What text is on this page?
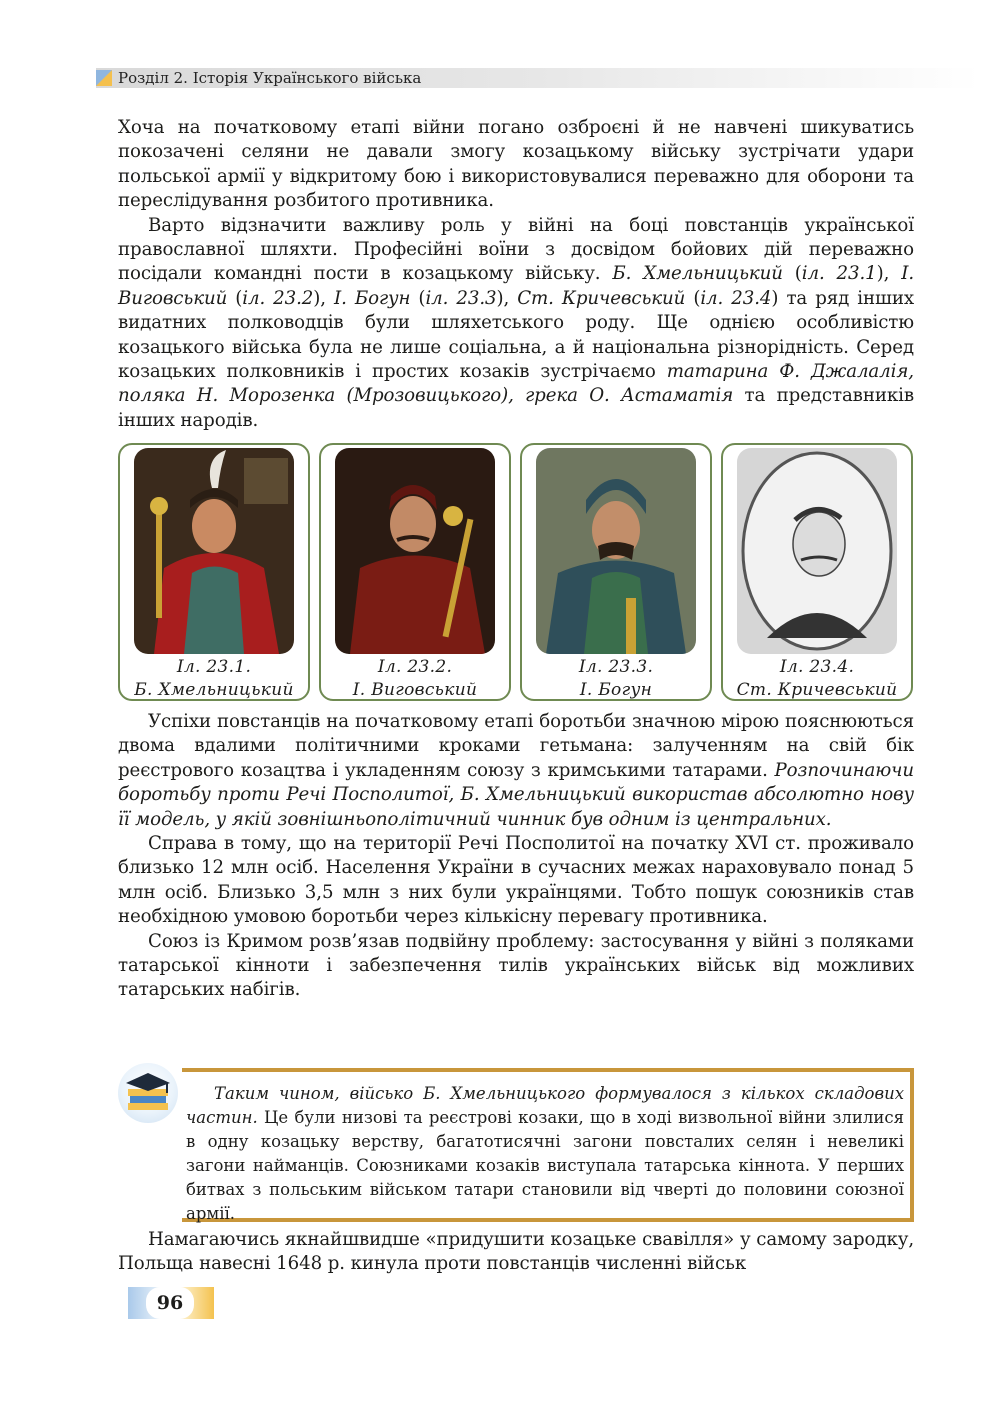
Розділ 2. Історія Українського війська

Хоча на початковому етапі війни погано озброєні й не навчені шикуватись покозачені селяни не давали змогу козацькому війську зустрічати удари польської армії у відкритому бою і використовувалися переважно для оборони та переслідування розбитого противника.

Варто відзначити важливу роль у війні на боці повстанців української православної шляхти. Професійні воїни з досвідом бойових дій переважно посідали командні пости в козацькому війську. Б. Хмельницький (іл. 23.1), І. Виговський (іл. 23.2), І. Богун (іл. 23.3), Ст. Кричевський (іл. 23.4) та ряд інших видатних полководців були шляхетського роду. Ще однією особливістю козацького війська була не лише соціальна, а й національна різнорідність. Серед козацьких полковників і простих козаків зустрічаємо татарина Ф. Джалалія, поляка Н. Морозенка (Мрозовицького), грека О. Астаматія та представників інших народів.

Іл. 23.1.
Б. Хмельницький
Іл. 23.2.
І. Виговський
Іл. 23.3.
І. Богун
Іл. 23.4.
Ст. Кричевський

Успіхи повстанців на початковому етапі боротьби значною мірою пояснюються двома вдалими політичними кроками гетьмана: залученням на свій бік реєстрового козацтва і укладенням союзу з кримськими татарами. Розпочинаючи боротьбу проти Речі Посполитої, Б. Хмельницький використав абсолютно нову її модель, у якій зовнішньополітичний чинник був одним із центральних.

Справа в тому, що на території Речі Посполитої на початку XVI ст. проживало близько 12 млн осіб. Населення України в сучасних межах нараховувало понад 5 млн осіб. Близько 3,5 млн з них були українцями. Тобто пошук союзників став необхідною умовою боротьби через кількісну перевагу противника.

Союз із Кримом розв’язав подвійну проблему: застосування у війні з поляками татарської кінноти і забезпечення тилів українських військ від можливих татарських набігів.

Таким чином, військо Б. Хмельницького формувалося з кількох складових частин. Це були низові та реєстрові козаки, що в ході визвольної війни злилися в одну козацьку верству, багатотисячні загони повсталих селян і невеликі загони найманців. Союзниками козаків виступала татарська кіннота. У перших битвах з польським військом татари становили від чверті до половини союзної армії.

Намагаючись якнайшвидше «придушити козацьке свавілля» у самому зародку, Польща навесні 1648 р. кинула проти повстанців численні військ

96
